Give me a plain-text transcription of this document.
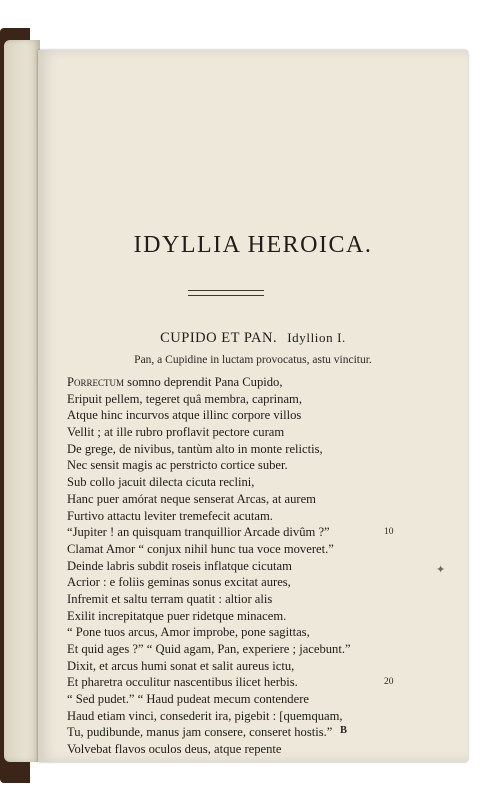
IDYLLIA HEROICA.
CUPIDO ET PAN. Idyllion I.
Pan, a Cupidine in luctam provocatus, astu vincitur.
Porrectum somno deprendit Pana Cupido,
Eripuit pellem, tegeret quâ membra, caprinam,
Atque hinc incurvos atque illinc corpore villos
Vellit ; at ille rubro proflavit pectore curam
De grege, de nivibus, tantùm alto in monte relictis,
Nec sensit magis ac perstricto cortice suber.
Sub collo jacuit dilecta cicuta reclini,
Hanc puer amórat neque senserat Arcas, at aurem
Furtivo attactu leviter tremefecit acutam.
“Jupiter ! an quisquam tranquillior Arcade divûm ?”
Clamat Amor “ conjux nihil hunc tua voce moveret.”
Deinde labris subdit roseis inflatque cicutam
Acrior : e foliis geminas sonus excitat aures,
Infremit et saltu terram quatit : altior alis
Exilit increpitatque puer ridetque minacem.
“ Pone tuos arcus, Amor improbe, pone sagittas,
Et quid ages ?” “ Quid agam, Pan, experiere ; jacebunt.”
Dixit, et arcus humi sonat et salit aureus ictu,
Et pharetra occulitur nascentibus ilicet herbis.
“ Sed pudet.” “ Haud pudeat mecum contendere
Haud etiam vinci, consederit ira, pigebit : [quemquam,
Tu, pudibunde, manus jam consere, conseret hostis.”
Volvebat flavos oculos deus, atque repente
10
20
B
✦
